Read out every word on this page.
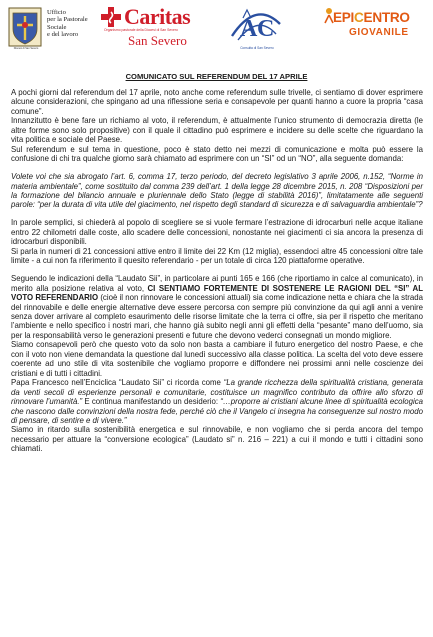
Diocesi di San Severo
Ufficio
per la Pastorale
Sociale
e del lavoro
Caritas
Organismo pastorale della Diocesi di San Severo
San Severo A C
Consulta di San Severo
EPICENTRO
GIOVANILE
COMUNICATO SUL REFERENDUM DEL 17 APRILE

A pochi giorni dal referendum del 17 aprile, noto anche come referendum sulle trivelle, ci sentiamo di dover esprimere alcune considerazioni, che spingano ad una riflessione seria e consapevole per quanti hanno a cuore la propria “casa comune”.

Innanzitutto è bene fare un richiamo al voto, il referendum, è attualmente l’unico strumento di democrazia diretta (le altre forme sono solo propositive) con il quale il cittadino può esprimere e incidere su delle scelte che riguardano la vita politica e sociale del Paese.

Sul referendum e sul tema in questione, poco è stato detto nei mezzi di comunicazione e molta può essere la confusione di chi tra qualche giorno sarà chiamato ad esprimere con un “SI” od un “NO”, alla seguente domanda:

Volete voi che sia abrogato l’art. 6, comma 17, terzo periodo, del decreto legislativo 3 aprile 2006, n.152, “Norme in materia ambientale”, come sostituito dal comma 239 dell’art. 1 della legge 28 dicembre 2015, n. 208 “Disposizioni per la formazione del bilancio annuale e pluriennale dello Stato (legge di stabilità 2016)”, limitatamente alle seguenti parole: “per la durata di vita utile del giacimento, nel rispetto degli standard di sicurezza e di salvaguardia ambientale”?

In parole semplici, si chiederà al popolo di scegliere se si vuole fermare l’estrazione di idrocarburi nelle acque italiane entro 22 chilometri dalle coste, allo scadere delle concessioni, nonostante nei giacimenti ci sia ancora la presenza di idrocarburi disponibili.

Si parla in numeri di 21 concessioni attive entro il limite dei 22 Km (12 miglia), essendoci altre 45 concessioni oltre tale limite - a cui non fa riferimento il quesito referendario - per un totale di circa 120 piattaforme operative.

Seguendo le indicazioni della “Laudato Sii”, in particolare ai punti 165 e 166 (che riportiamo in calce al comunicato), in merito alla posizione relativa al voto, CI SENTIAMO FORTEMENTE DI SOSTENERE LE RAGIONI DEL “SI” AL VOTO REFERENDARIO (cioè il non rinnovare le concessioni attuali) sia come indicazione netta e chiara che la strada del rinnovabile e delle energie alternative deve essere percorsa con sempre più convinzione da qui agli anni a venire senza dover arrivare al completo esaurimento delle risorse limitate che la terra ci offre, sia per il rispetto che meritano l’ambiente e nello specifico i nostri mari, che hanno già subito negli anni gli effetti della “pesante” mano dell’uomo, sia per la responsabilità verso le generazioni presenti e future che devono vederci consegnati un mondo migliore.

Siamo consapevoli però che questo voto da solo non basta a cambiare il futuro energetico del nostro Paese, e che con il voto non viene demandata la questione dal lunedì successivo alla classe politica. La scelta del voto deve essere coerente ad uno stile di vita sostenibile che vogliamo proporre e diffondere nei prossimi anni nelle coscienze dei cristiani e di tutti i cittadini.

Papa Francesco nell’Enciclica “Laudato Sii” ci ricorda come “La grande ricchezza della spiritualità cristiana, generata da venti secoli di esperienze personali e comunitarie, costituisce un magnifico contributo da offrire allo sforzo di rinnovare l’umanità.” E continua manifestando un desiderio: “…proporre ai cristiani alcune linee di spiritualità ecologica che nascono dalle convinzioni della nostra fede, perché ciò che il Vangelo ci insegna ha conseguenze sul nostro modo di pensare, di sentire e di vivere.”

Siamo in ritardo sulla sostenibilità energetica e sul rinnovabile, e non vogliamo che si perda ancora del tempo necessario per attuare la “conversione ecologica” (Laudato si” n. 216 – 221) a cui il mondo e tutti i cittadini sono chiamati.
